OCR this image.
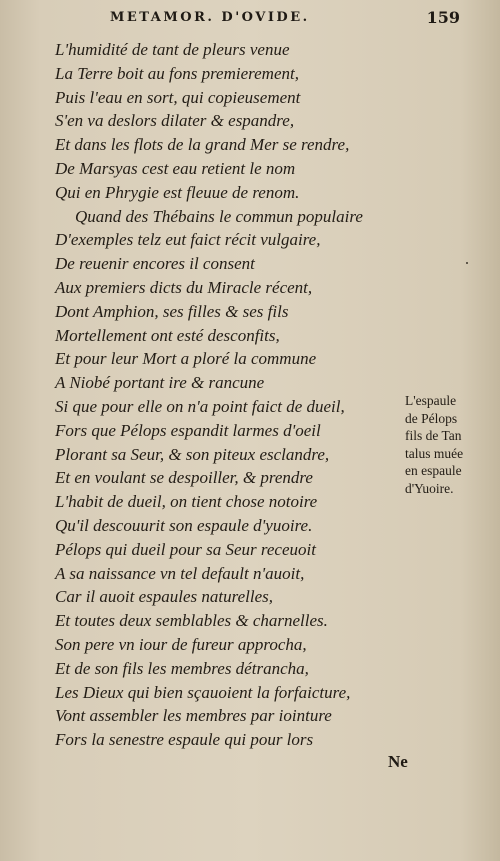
METAMOR. D'OVIDE.	159
L'humidité de tant de pleurs venue
La Terre boit au fons premierement,
Puis l'eau en sort, qui copieusement
S'en va deslors dilater & espandre,
Et dans les flots de la grand Mer se rendre,
De Marsyas cest eau retient le nom
Qui en Phrygie est fleuue de renom.
Quand des Thébains le commun populaire
D'exemples telz eut faict récit vulgaire,
De reuenir encores il consent
Aux premiers dicts du Miracle récent,
Dont Amphion, ses filles & ses fils
Mortellement ont esté desconfits,
Et pour leur Mort a ploré la commune
A Niobé portant ire & rancune
Si que pour elle on n'a point faict de dueil,
Fors que Pélops espandit larmes d'oeil
Plorant sa Seur, & son piteux esclandre,
Et en voulant se despoiller, & prendre
L'habit de dueil, on tient chose notoire
Qu'il descouurit son espaule d'yuoire.
Pélops qui dueil pour sa Seur receuoit
A sa naissance vn tel default n'auoit,
Car il auoit espaules naturelles,
Et toutes deux semblables & charnelles.
Son pere vn iour de fureur approcha,
Et de son fils les membres détrancha,
Les Dieux qui bien sçauoient la forfaicture,
Vont assembler les membres par iointure
Fors la senestre espaule qui pour lors
L'espaule
de Pélops
fils de Tan
talus muée
en espaule
d'Yuoire.
Ne
